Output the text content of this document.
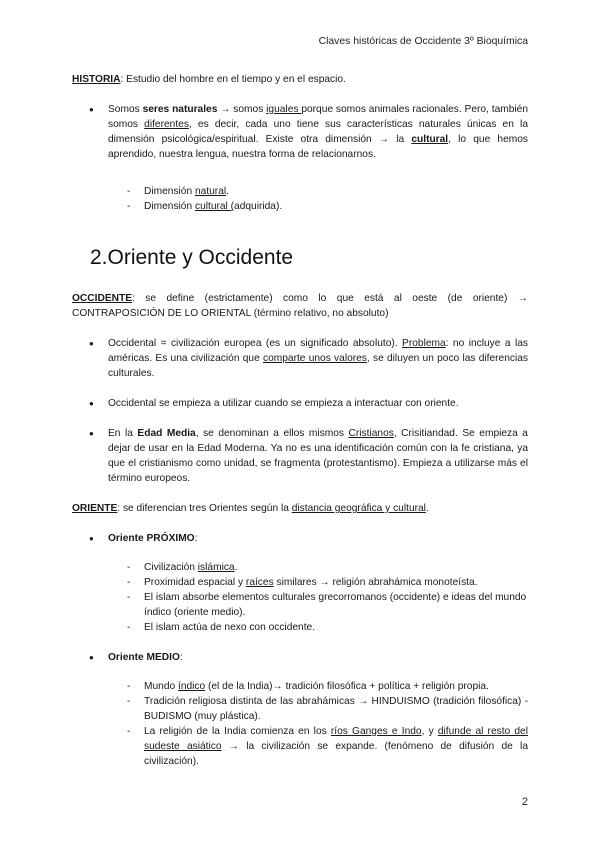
Claves históricas de Occidente 3º Bioquímica

HISTORIA: Estudio del hombre en el tiempo y en el espacio.

● Somos seres naturales → somos iguales porque somos animales racionales. Pero, también somos diferentes, es decir, cada uno tiene sus características naturales únicas en la dimensión psicológica/espiritual. Existe otra dimensión → la cultural, lo que hemos aprendido, nuestra lengua, nuestra forma de relacionarnos.
- Dimensión natural.
- Dimensión cultural (adquirida).
2.Oriente y Occidente

OCCIDENTE: se define (estrictamente) como lo que está al oeste (de oriente) → CONTRAPOSICIÓN DE LO ORIENTAL (término relativo, no absoluto)

● Occidental = civilización europea (es un significado absoluto). Problema: no incluye a las américas. Es una civilización que comparte unos valores, se diluyen un poco las diferencias culturales.
● Occidental se empieza a utilizar cuando se empieza a interactuar con oriente.
● En la Edad Media, se denominan a ellos mismos Cristianos, Crisitiandad. Se empieza a dejar de usar en la Edad Moderna. Ya no es una identificación común con la fe cristiana, ya que el cristianismo como unidad, se fragmenta (protestantismo). Empieza a utilizarse más el término europeos.

ORIENTE: se diferencian tres Orientes según la distancia geográfica y cultural.

● Oriente PRÓXIMO:
- Civilización islámica.
- Proximidad espacial y raíces similares → religión abrahámica monoteísta.
- El islam absorbe elementos culturales grecorromanos (occidente) e ideas del mundo índico (oriente medio).
- El islam actúa de nexo con occidente.
● Oriente MEDIO:
- Mundo índico (el de la India)→ tradición filosófica + política + religión propia.
- Tradición religiosa distinta de las abrahámicas → HINDUISMO (tradición filosófica) - BUDISMO (muy plástica).
- La religión de la India comienza en los ríos Ganges e Indo, y difunde al resto del sudeste asiático → la civilización se expande. (fenómeno de difusión de la civilización).
2
